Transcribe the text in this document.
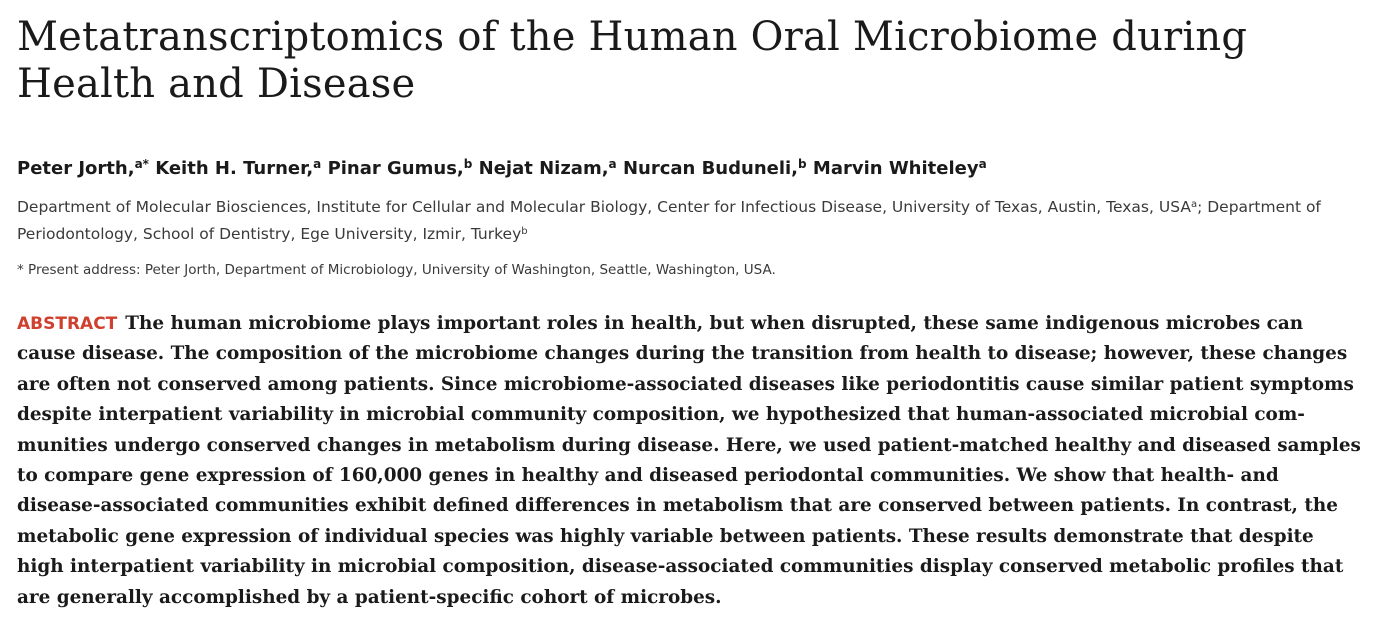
Metatranscriptomics of the Human Oral Microbiome during Health and Disease
Peter Jorth,$^{a*}$ Keith H. Turner,$^a$ Pinar Gumus,$^b$ Nejat Nizam,$^a$ Nurcan Buduneli,$^b$ Marvin Whiteley$^a$
Department of Molecular Biosciences, Institute for Cellular and Molecular Biology, Center for Infectious Disease, University of Texas, Austin, Texas, USA$^a$; Department of Periodontology, School of Dentistry, Ege University, Izmir, Turkey$^b$
* Present address: Peter Jorth, Department of Microbiology, University of Washington, Seattle, Washington, USA.
ABSTRACT The human microbiome plays important roles in health, but when disrupted, these same indigenous microbes can cause disease. The composition of the microbiome changes during the transition from health to disease; however, these changes are often not conserved among patients. Since microbiome-associated diseases like periodontitis cause similar patient symptoms despite interpatient variability in microbial community composition, we hypothesized that human-associated microbial communities undergo conserved changes in metabolism during disease. Here, we used patient-matched healthy and diseased samples to compare gene expression of 160,000 genes in healthy and diseased periodontal communities. We show that health- and disease-associated communities exhibit defined differences in metabolism that are conserved between patients. In contrast, the metabolic gene expression of individual species was highly variable between patients. These results demonstrate that despite high interpatient variability in microbial composition, disease-associated communities display conserved metabolic profiles that are generally accomplished by a patient-specific cohort of microbes.
